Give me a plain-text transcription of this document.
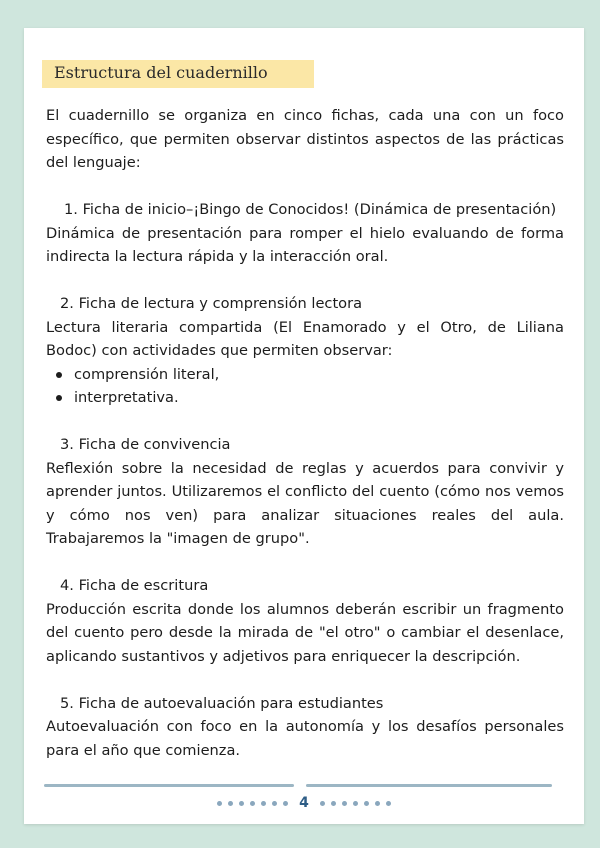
Estructura del cuadernillo

El cuadernillo se organiza en cinco fichas, cada una con un foco específico, que permiten observar distintos aspectos de las prácticas del lenguaje:

1. Ficha de inicio–¡Bingo de Conocidos! (Dinámica de presentación)

Dinámica de presentación para romper el hielo evaluando de forma indirecta la lectura rápida y la interacción oral.

2. Ficha de lectura y comprensión lectora

Lectura literaria compartida (El Enamorado y el Otro, de Liliana Bodoc) con actividades que permiten observar:

comprensión literal,
interpretativa.

3. Ficha de convivencia

Reflexión sobre la necesidad de reglas y acuerdos para convivir y aprender juntos. Utilizaremos el conflicto del cuento (cómo nos vemos y cómo nos ven) para analizar situaciones reales del aula. Trabajaremos la "imagen de grupo".

4. Ficha de escritura

Producción escrita donde los alumnos deberán escribir un fragmento del cuento pero desde la mirada de "el otro" o cambiar el desenlace, aplicando sustantivos y adjetivos para enriquecer la descripción.

5. Ficha de autoevaluación para estudiantes

Autoevaluación con foco en la autonomía y los desafíos personales para el año que comienza.

4
